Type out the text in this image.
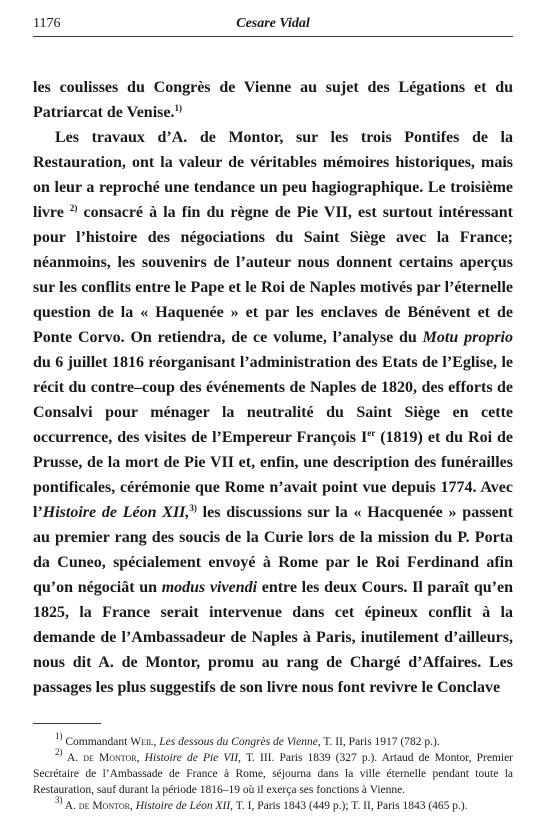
1176	Cesare Vidal

les coulisses du Congrès de Vienne au sujet des Légations et du Patriarcat de Venise.$^{1)}$

Les travaux d’A. de Montor, sur les trois Pontifes de la Restauration, ont la valeur de véritables mémoires historiques, mais on leur a reproché une tendance un peu hagiographique. Le troisième livre $^{2)}$ consacré à la fin du règne de Pie VII, est surtout intéressant pour l’histoire des négociations du Saint Siège avec la France; néanmoins, les souvenirs de l’auteur nous donnent certains aperçus sur les conflits entre le Pape et le Roi de Naples motivés par l’éternelle question de la « Haquenée » et par les enclaves de Bénévent et de Ponte Corvo. On retiendra, de ce volume, l’analyse du Motu proprio du 6 juillet 1816 réorganisant l’administration des Etats de l’Eglise, le récit du contre–coup des événements de Naples de 1820, des efforts de Consalvi pour ménager la neutralité du Saint Siège en cette occurrence, des visites de l’Empereur François Ier (1819) et du Roi de Prusse, de la mort de Pie VII et, enfin, une description des funérailles pontificales, cérémonie que Rome n’avait point vue depuis 1774. Avec l’Histoire de Léon XII,$^{3)}$ les discussions sur la « Hacquenée » passent au premier rang des soucis de la Curie lors de la mission du P. Porta da Cuneo, spécialement envoyé à Rome par le Roi Ferdinand afin qu’on négociât un modus vivendi entre les deux Cours. Il paraît qu’en 1825, la France serait intervenue dans cet épineux conflit à la demande de l’Ambassadeur de Naples à Paris, inutilement d’ailleurs, nous dit A. de Montor, promu au rang de Chargé d’Affaires. Les passages les plus suggestifs de son livre nous font revivre le Conclave

$^{1)}$ Commandant Weil, Les dessous du Congrès de Vienne, T. II, Paris 1917 (782 p.).

$^{2)}$ A. de Montor, Histoire de Pie VII, T. III. Paris 1839 (327 p.). Artaud de Montor, Premier Secrétaire de l’Ambassade de France à Rome, séjourna dans la ville éternelle pendant toute la Restauration, sauf durant la période 1816–19 où il exerça ses fonctions à Vienne.

$^{3)}$ A. de Montor, Histoire de Léon XII, T. I, Paris 1843 (449 p.); T. II, Paris 1843 (465 p.).
